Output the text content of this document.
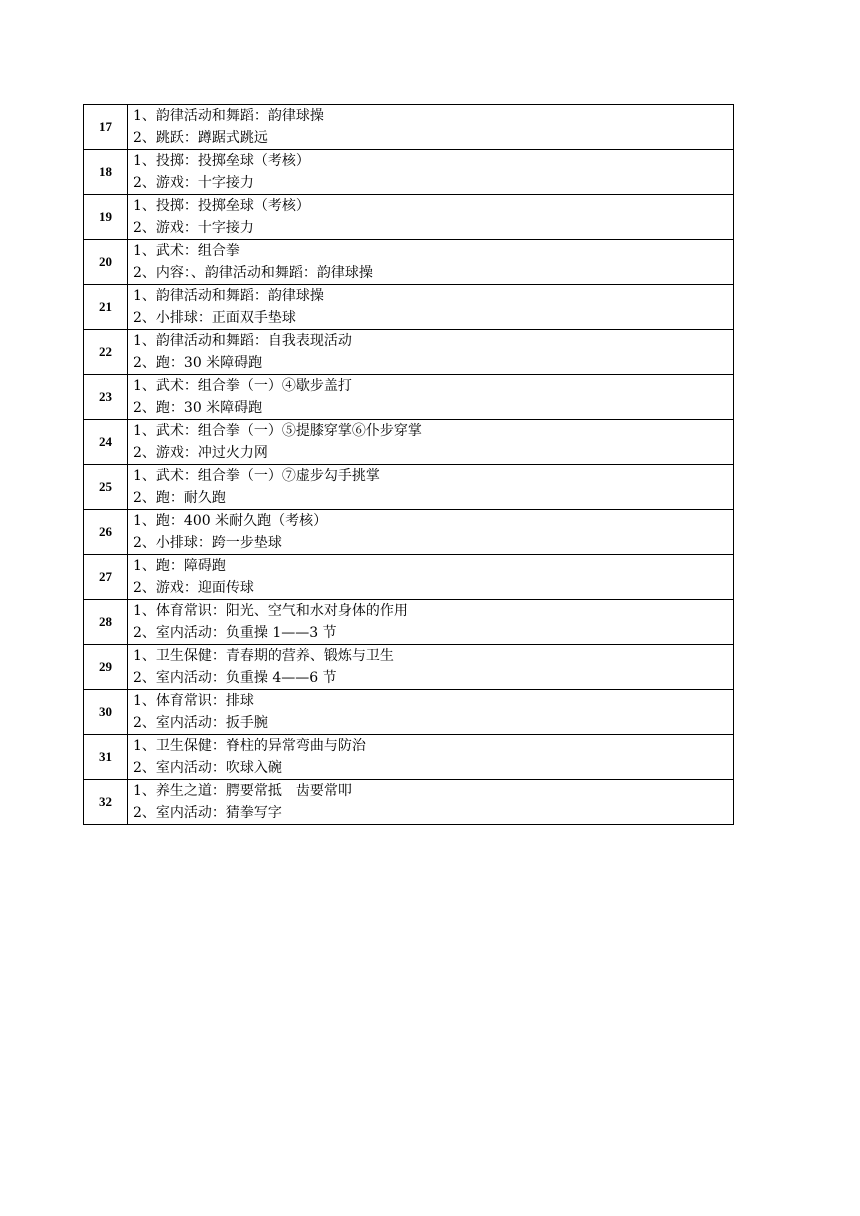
17	1、韵律活动和舞蹈：韵律球操
2、跳跃：蹲踞式跳远

18	1、投掷：投掷垒球（考核）
2、游戏：十字接力

19	1、投掷：投掷垒球（考核）
2、游戏：十字接力

20	1、武术：组合拳
2、内容：、韵律活动和舞蹈：韵律球操

21	1、韵律活动和舞蹈：韵律球操
2、小排球：正面双手垫球

22	1、韵律活动和舞蹈：自我表现活动
2、跑：30 米障碍跑

23	1、武术：组合拳（一）④歇步盖打
2、跑：30 米障碍跑

24	1、武术：组合拳（一）⑤提膝穿掌⑥仆步穿掌
2、游戏：冲过火力网

25	1、武术：组合拳（一）⑦虚步勾手挑掌
2、跑：耐久跑

26	1、跑：400 米耐久跑（考核）
2、小排球：跨一步垫球

27	1、跑：障碍跑
2、游戏：迎面传球

28	1、体育常识：阳光、空气和水对身体的作用
2、室内活动：负重操 1——3 节

29	1、卫生保健：青春期的营养、锻炼与卫生
2、室内活动：负重操 4——6 节

30	1、体育常识：排球
2、室内活动：扳手腕

31	1、卫生保健：脊柱的异常弯曲与防治
2、室内活动：吹球入碗

32	1、养生之道：腭要常抵　齿要常叩
2、室内活动：猜拳写字
